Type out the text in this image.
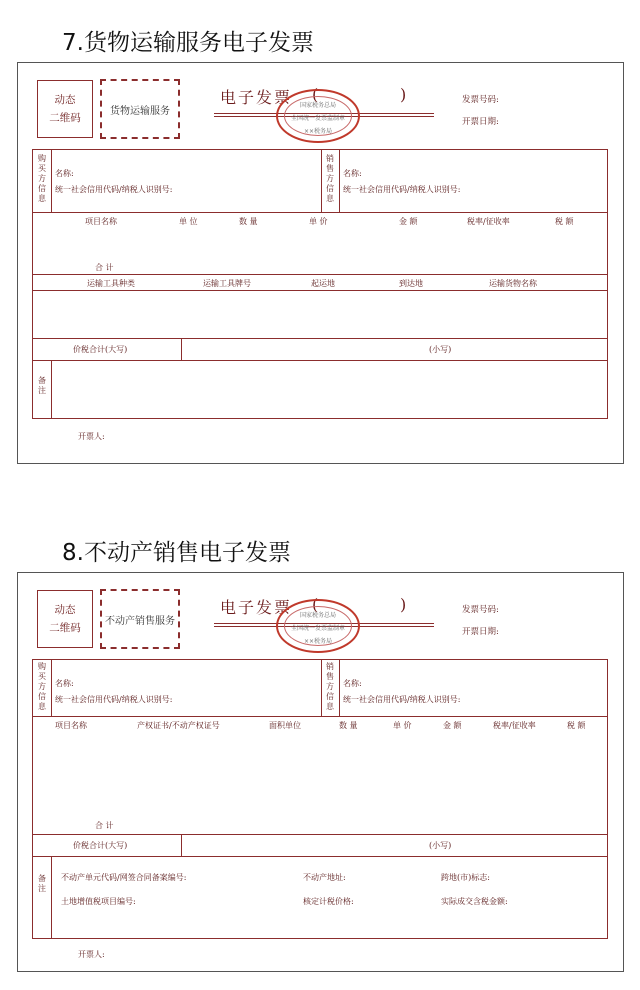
7.货物运输服务电子发票
动态
二维码
货物运输服务
电子发票 (	)
国家税务总局
全国统一发票监制章
××税务局
发票号码:
开票日期:
购买方信息
销售方信息
名称:
统一社会信用代码/纳税人识别号:
名称:
统一社会信用代码/纳税人识别号:
项目名称	单 位	数 量	单 价	金 额	税率/征收率	税 额
合 计
运输工具种类	运输工具牌号	起运地	到达地	运输货物名称
价税合计(大写)	(小写)
备注
开票人:
8.不动产销售电子发票
动态
二维码
不动产销售服务
电子发票 (	)
国家税务总局
全国统一发票监制章
××税务局
发票号码:
开票日期:
购买方信息
销售方信息
名称:
统一社会信用代码/纳税人识别号:
名称:
统一社会信用代码/纳税人识别号:
项目名称	产权证书/不动产权证号	面积单位	数 量	单 价	金 额	税率/征收率	税 额
合 计
价税合计(大写)	(小写)
备注
不动产单元代码/网签合同备案编号:	不动产地址:	跨地(市)标志:
土地增值税项目编号:	核定计税价格:	实际成交含税金额:
开票人:
